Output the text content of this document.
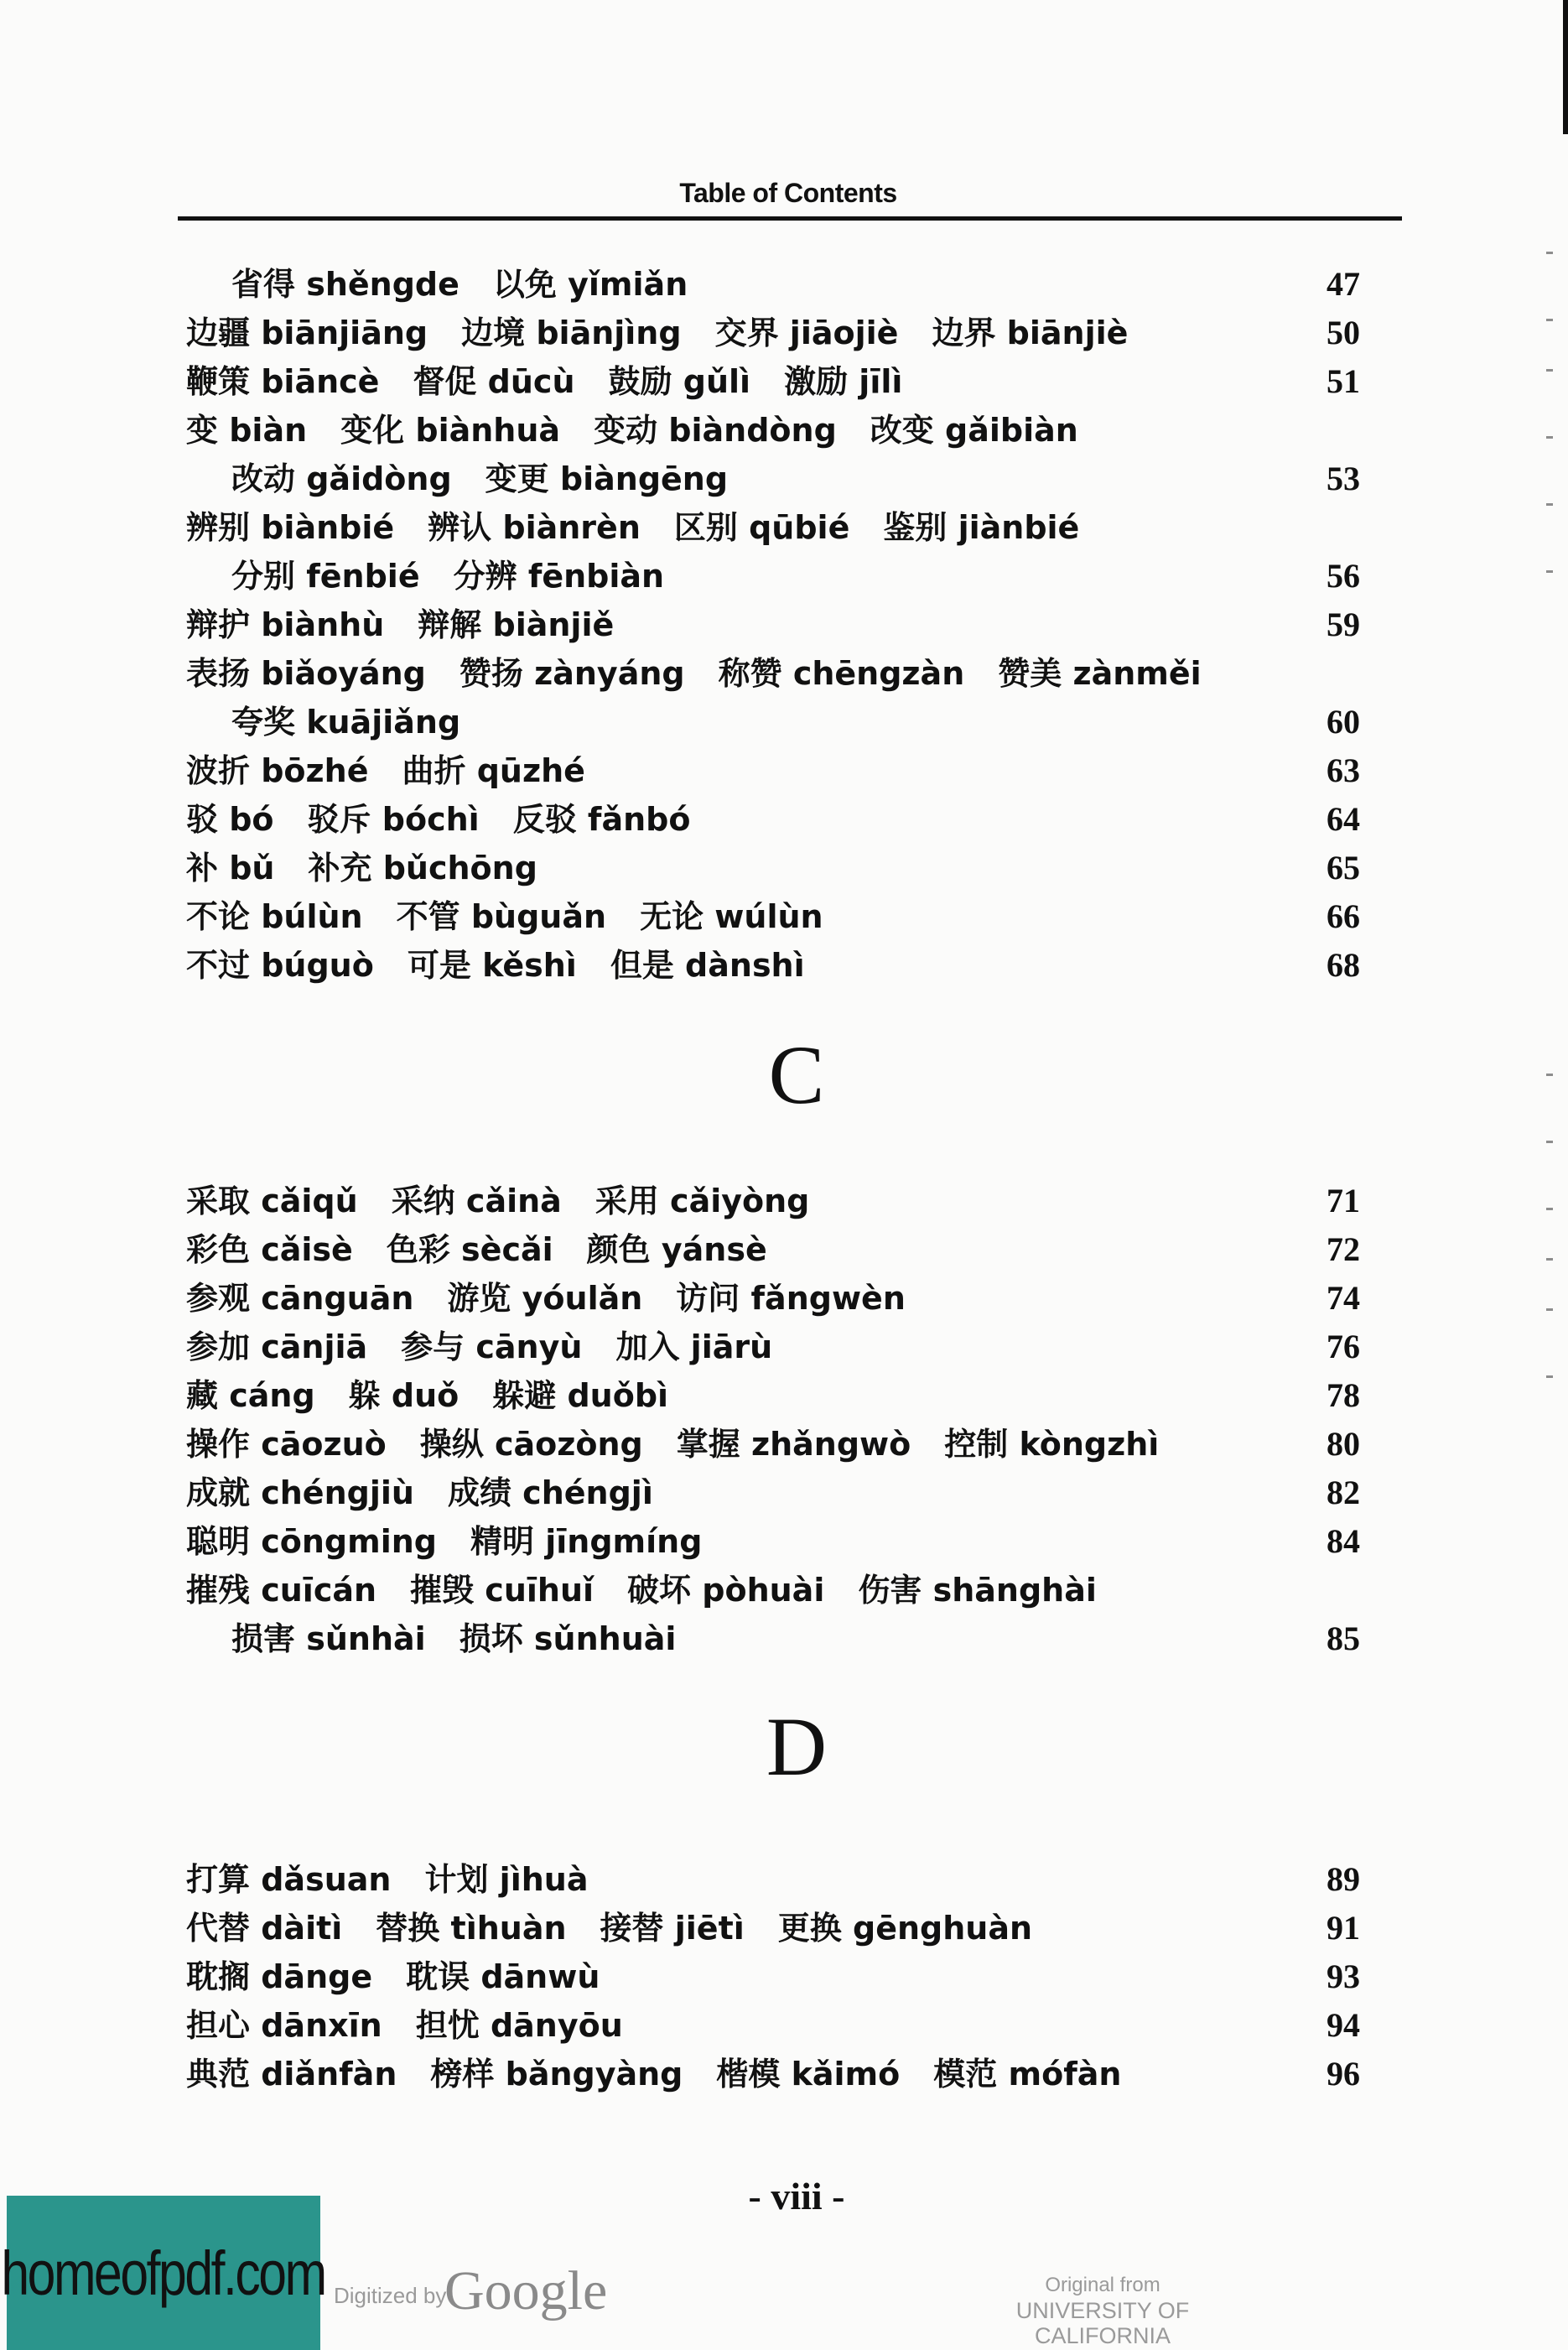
Table of Contents
省得 shěngde 以免 yǐmiǎn	47
边疆 biānjiāng 边境 biānjìng 交界 jiāojiè 边界 biānjiè	50
鞭策 biāncè 督促 dūcù 鼓励 gǔlì 激励 jīlì	51
变 biàn 变化 biànhuà 变动 biàndòng 改变 gǎibiàn
改动 gǎidòng 变更 biàngēng	53
辨别 biànbié 辨认 biànrèn 区别 qūbié 鉴别 jiànbié
分别 fēnbié 分辨 fēnbiàn	56
辩护 biànhù 辩解 biànjiě	59
表扬 biǎoyáng 赞扬 zànyáng 称赞 chēngzàn 赞美 zànměi
夸奖 kuājiǎng	60
波折 bōzhé 曲折 qūzhé	63
驳 bó 驳斥 bóchì 反驳 fǎnbó	64
补 bǔ 补充 bǔchōng	65
不论 búlùn 不管 bùguǎn 无论 wúlùn	66
不过 búguò 可是 kěshì 但是 dànshì	68
C
采取 cǎiqǔ 采纳 cǎinà 采用 cǎiyòng	71
彩色 cǎisè 色彩 sècǎi 颜色 yánsè	72
参观 cānguān 游览 yóulǎn 访问 fǎngwèn	74
参加 cānjiā 参与 cānyù 加入 jiārù	76
藏 cáng 躲 duǒ 躲避 duǒbì	78
操作 cāozuò 操纵 cāozòng 掌握 zhǎngwò 控制 kòngzhì	80
成就 chéngjiù 成绩 chéngjì	82
聪明 cōngming 精明 jīngmíng	84
摧残 cuīcán 摧毁 cuīhuǐ 破坏 pòhuài 伤害 shānghài
损害 sǔnhài 损坏 sǔnhuài	85
D
打算 dǎsuan 计划 jìhuà	89
代替 dàitì 替换 tìhuàn 接替 jiētì 更换 gēnghuàn	91
耽搁 dānge 耽误 dānwù	93
担心 dānxīn 担忧 dānyōu	94
典范 diǎnfàn 榜样 bǎngyàng 楷模 kǎimó 模范 mófàn	96
- viii -
homeofpdf.com Digitized by
Google	Original from
UNIVERSITY OF CALIFORNIA
